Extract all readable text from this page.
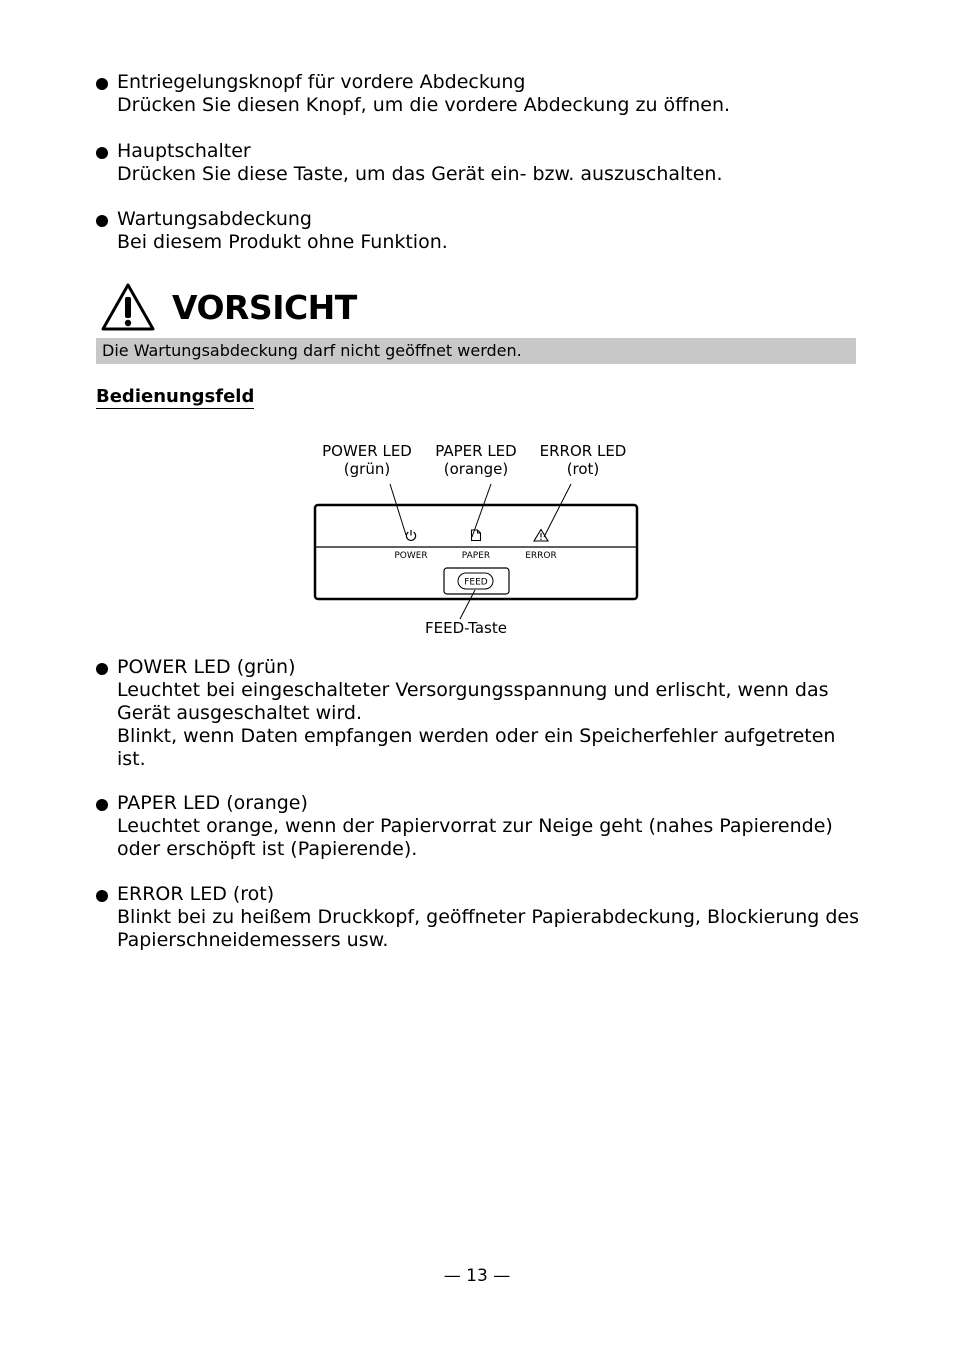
Entriegelungsknopf für vordere Abdeckung
Drücken Sie diesen Knopf, um die vordere Abdeckung zu öffnen.
Hauptschalter
Drücken Sie diese Taste, um das Gerät ein- bzw. auszuschalten.
Wartungsabdeckung
Bei diesem Produkt ohne Funktion.
VORSICHT
Die Wartungsabdeckung darf nicht geöffnet werden.
Bedienungsfeld
POWER LED
(grün)
PAPER LED
(orange)
ERROR LED
(rot)
POWER	PAPER	ERROR
FEED
FEED-Taste
POWER LED (grün)
Leuchtet bei eingeschalteter Versorgungsspannung und erlischt, wenn das
Gerät ausgeschaltet wird.
Blinkt, wenn Daten empfangen werden oder ein Speicherfehler aufgetreten
ist.
PAPER LED (orange)
Leuchtet orange, wenn der Papiervorrat zur Neige geht (nahes Papierende)
oder erschöpft ist (Papierende).
ERROR LED (rot)
Blinkt bei zu heißem Druckkopf, geöffneter Papierabdeckung, Blockierung des
Papierschneidemessers usw.
— 13 —
